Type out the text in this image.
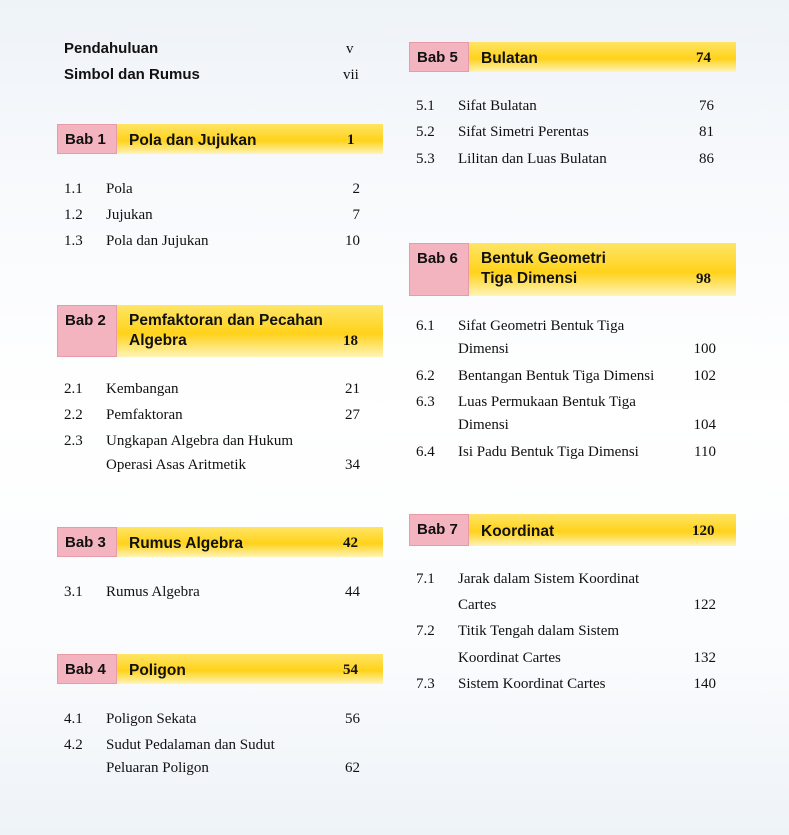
Pendahuluan	v
Simbol dan Rumus	vii
Bab 1	Pola dan Jujukan	1
1.1	Pola	2
1.2	Jujukan	7
1.3	Pola dan Jujukan	10
Bab 2	Pemfaktoran dan Pecahan
Algebra	18
2.1	Kembangan	21
2.2	Pemfaktoran	27
2.3	Ungkapan Algebra dan Hukum
Operasi Asas Aritmetik	34
Bab 3	Rumus Algebra	42
3.1	Rumus Algebra	44
Bab 4	Poligon	54
4.1	Poligon Sekata	56
4.2	Sudut Pedalaman dan Sudut
Peluaran Poligon	62
Bab 5	Bulatan	74
5.1	Sifat Bulatan	76
5.2	Sifat Simetri Perentas	81
5.3	Lilitan dan Luas Bulatan	86
Bab 6	Bentuk Geometri
Tiga Dimensi	98
6.1	Sifat Geometri Bentuk Tiga
Dimensi	100
6.2	Bentangan Bentuk Tiga Dimensi	102
6.3	Luas Permukaan Bentuk Tiga
Dimensi	104
6.4	Isi Padu Bentuk Tiga Dimensi	110
Bab 7	Koordinat	120
7.1	Jarak dalam Sistem Koordinat
Cartes	122
7.2	Titik Tengah dalam Sistem
Koordinat Cartes	132
7.3	Sistem Koordinat Cartes	140
